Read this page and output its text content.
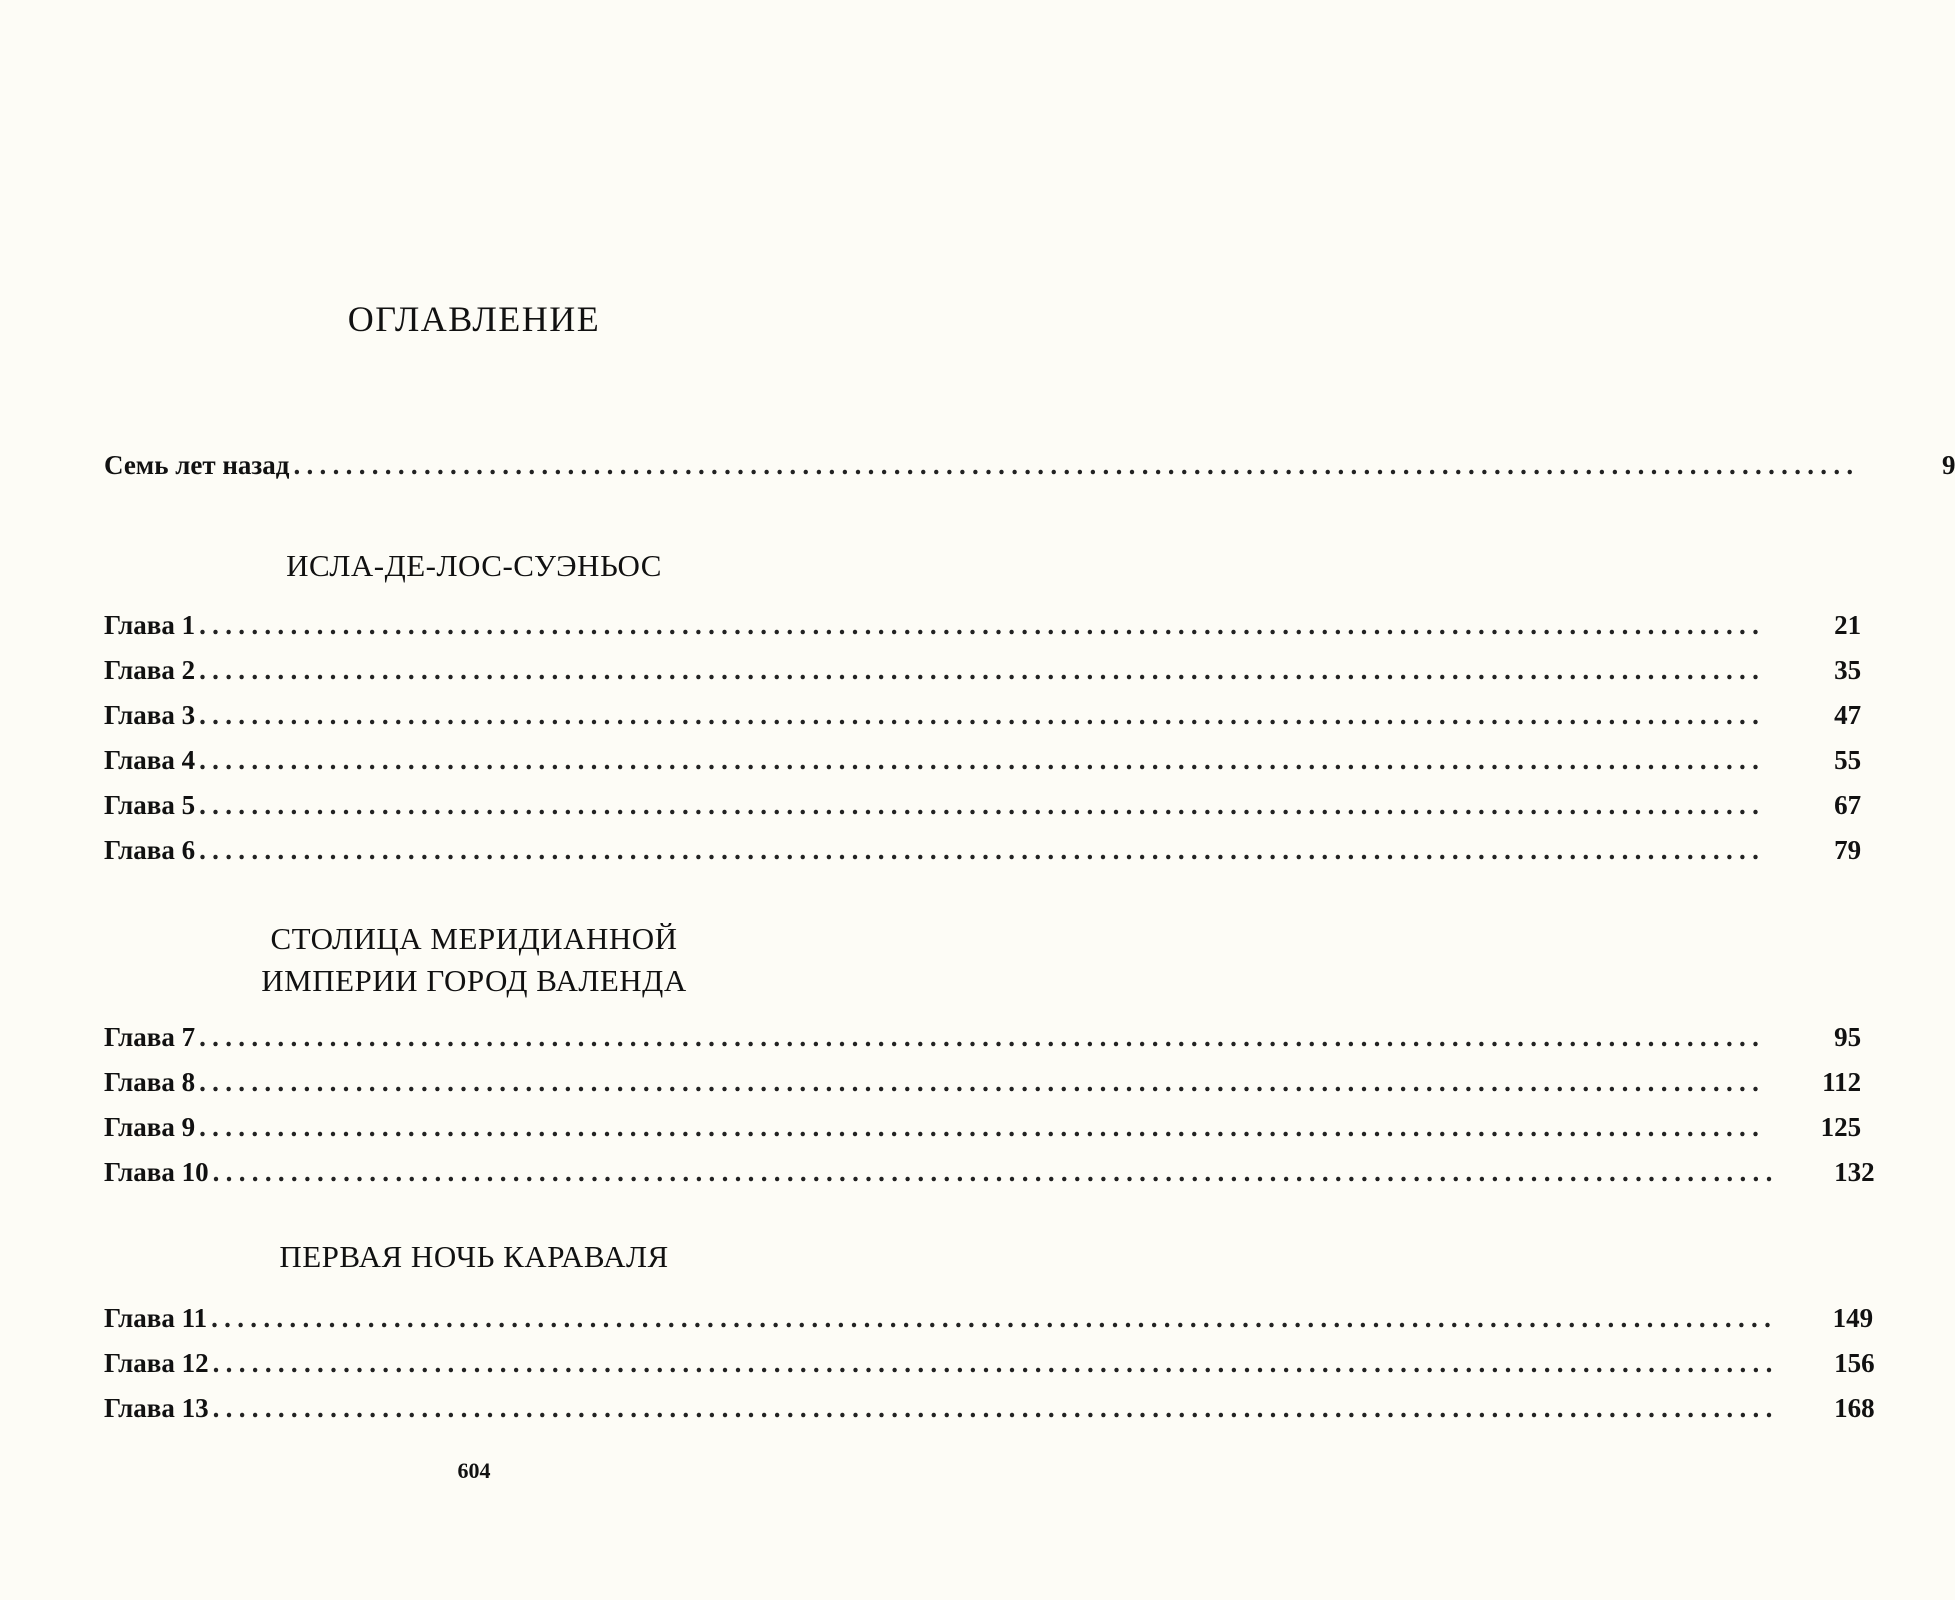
ОГЛАВЛЕНИЕ
Семь лет назад ........................................................................................................................	9
ИСЛА-ДЕ-ЛОС-СУЭНЬОС
Глава 1 ........................................................................................................................	21
Глава 2 ........................................................................................................................	35
Глава 3 ........................................................................................................................	47
Глава 4 ........................................................................................................................	55
Глава 5 ........................................................................................................................	67
Глава 6 ........................................................................................................................	79
СТОЛИЦА МЕРИДИАННОЙ
ИМПЕРИИ ГОРОД ВАЛЕНДА
Глава 7 ........................................................................................................................	95
Глава 8 ........................................................................................................................	112
Глава 9 ........................................................................................................................	125
Глава 10 ........................................................................................................................	132
ПЕРВАЯ НОЧЬ КАРАВАЛЯ
Глава 11 ........................................................................................................................	149
Глава 12 ........................................................................................................................	156
Глава 13 ........................................................................................................................	168
604
